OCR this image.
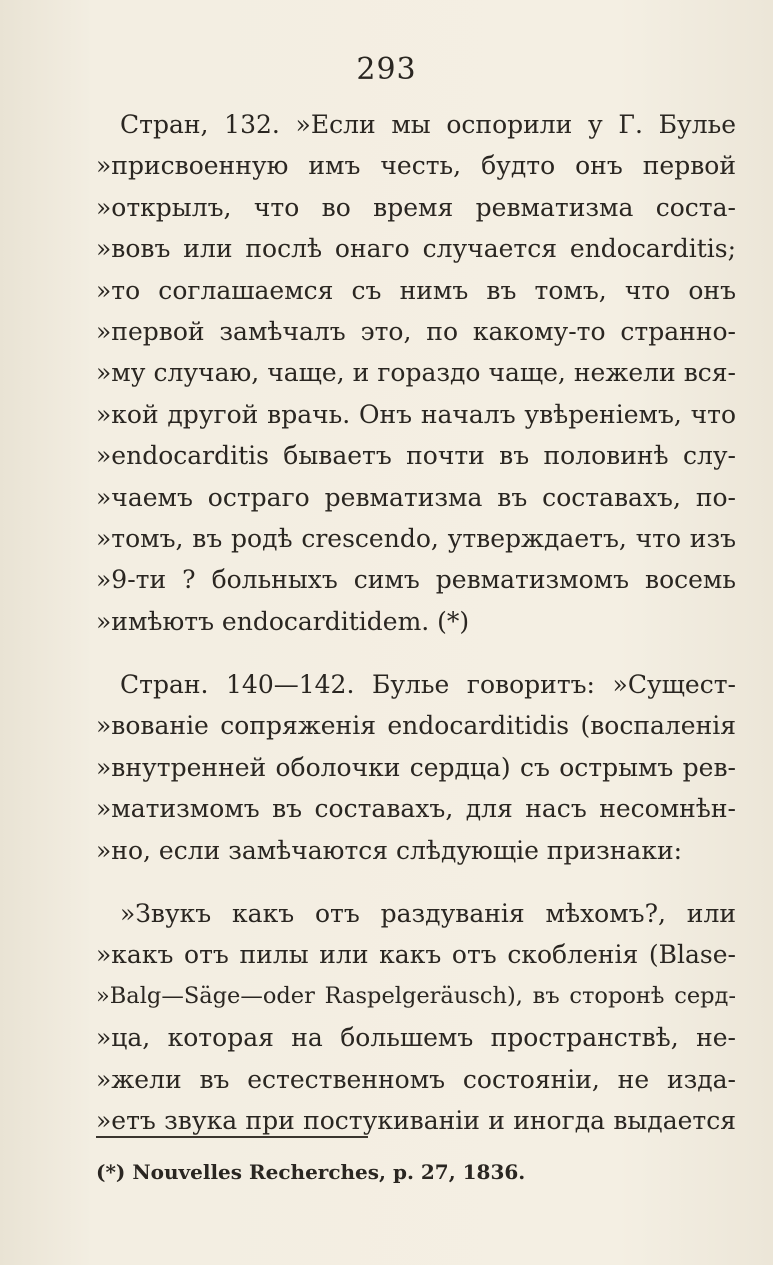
293
Стран, 132. »Если мы оспорили у Г. Булье
»присвоенную имъ честь, будто онъ первой
»открылъ, что во время ревматизма соста-
»вовъ или послѣ онаго случается endocarditis;
»то соглашаемся съ нимъ въ томъ, что онъ
»первой замѣчалъ это, по какому-то странно-
»му случаю, чаще, и гораздо чаще, нежели вся-
»кой другой врачь. Онъ началъ увѣреніемъ, что
»endocarditis бываетъ почти въ половинѣ слу-
»чаемъ остраго ревматизма въ составахъ, по-
»томъ, въ родѣ crescendo, утверждаетъ, что изъ
»9-ти ? больныхъ симъ ревматизмомъ восемь
»имѣютъ endocarditidem. (*)
Стран. 140—142. Булье говоритъ: »Сущест-
»вованіе сопряженія endocarditidis (воспаленія
»внутренней оболочки сердца) съ острымъ рев-
»матизмомъ въ составахъ, для насъ несомнѣн-
»но, если замѣчаются слѣдующіе признаки:
»Звукъ какъ отъ раздуванія мѣхомъ?, или
»какъ отъ пилы или какъ отъ скобленія (Blase-
»Balg—Säge—oder Raspelgeräusch), въ сторонѣ серд-
»ца, которая на большемъ пространствѣ, не-
»жели въ естественномъ состояніи, не изда-
»етъ звука при постукиваніи и иногда выдается
(*) Nouvelles Recherches, p. 27, 1836.
